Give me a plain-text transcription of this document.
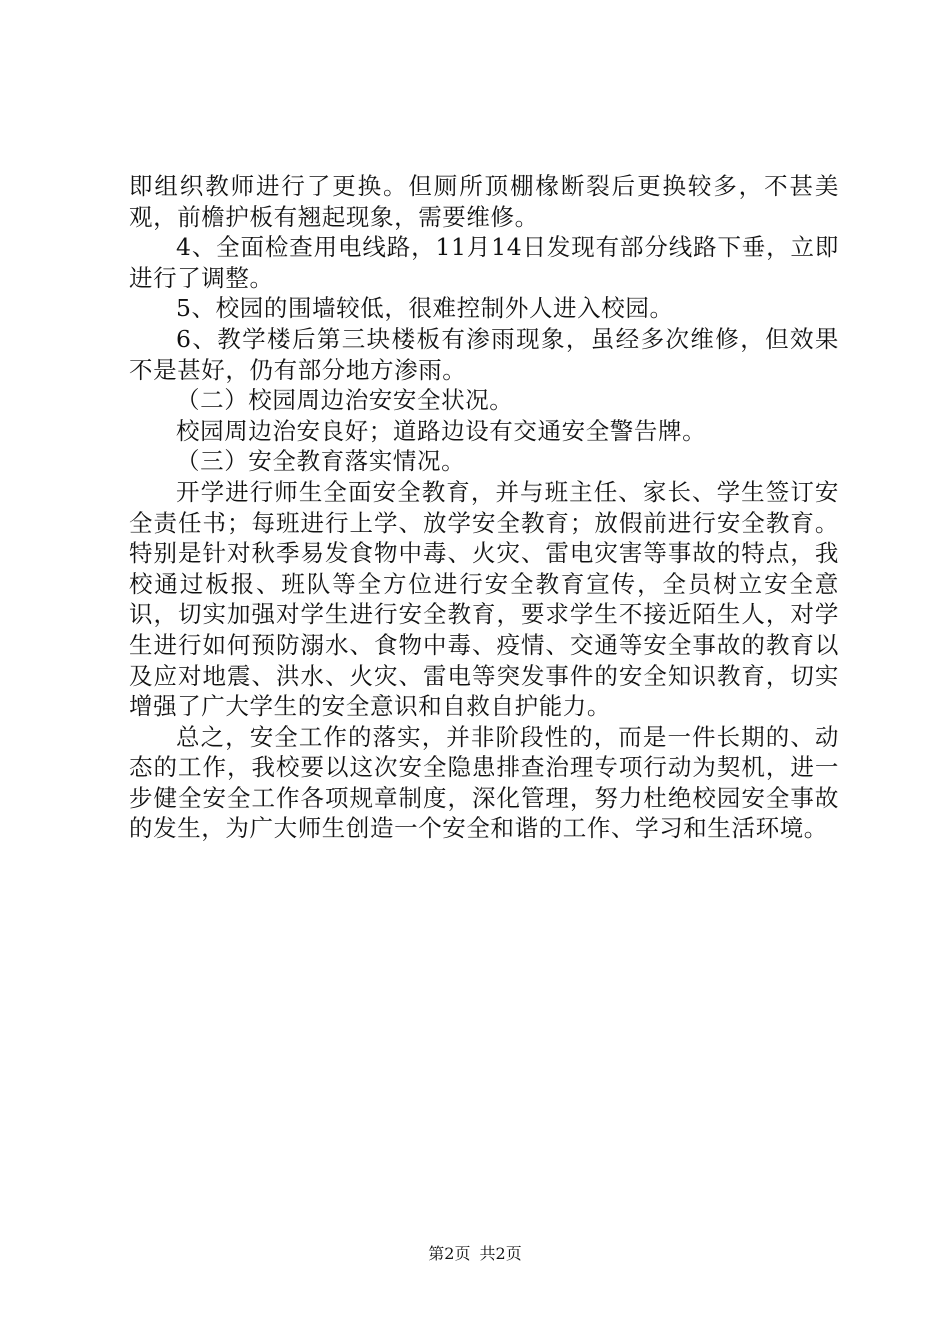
即组织教师进行了更换。但厕所顶棚椽断裂后更换较多，不甚美观，前檐护板有翘起现象，需要维修。

4、全面检查用电线路，11月14日发现有部分线路下垂，立即进行了调整。

5、校园的围墙较低，很难控制外人进入校园。

6、教学楼后第三块楼板有渗雨现象，虽经多次维修，但效果不是甚好，仍有部分地方渗雨。

（二）校园周边治安安全状况。

校园周边治安良好；道路边设有交通安全警告牌。

（三）安全教育落实情况。

开学进行师生全面安全教育，并与班主任、家长、学生签订安全责任书；每班进行上学、放学安全教育；放假前进行安全教育。特别是针对秋季易发食物中毒、火灾、雷电灾害等事故的特点，我校通过板报、班队等全方位进行安全教育宣传，全员树立安全意识，切实加强对学生进行安全教育，要求学生不接近陌生人，对学生进行如何预防溺水、食物中毒、疫情、交通等安全事故的教育以及应对地震、洪水、火灾、雷电等突发事件的安全知识教育，切实增强了广大学生的安全意识和自救自护能力。

总之，安全工作的落实，并非阶段性的，而是一件长期的、动态的工作，我校要以这次安全隐患排查治理专项行动为契机，进一步健全安全工作各项规章制度，深化管理，努力杜绝校园安全事故的发生，为广大师生创造一个安全和谐的工作、学习和生活环境。

第2页 共2页
